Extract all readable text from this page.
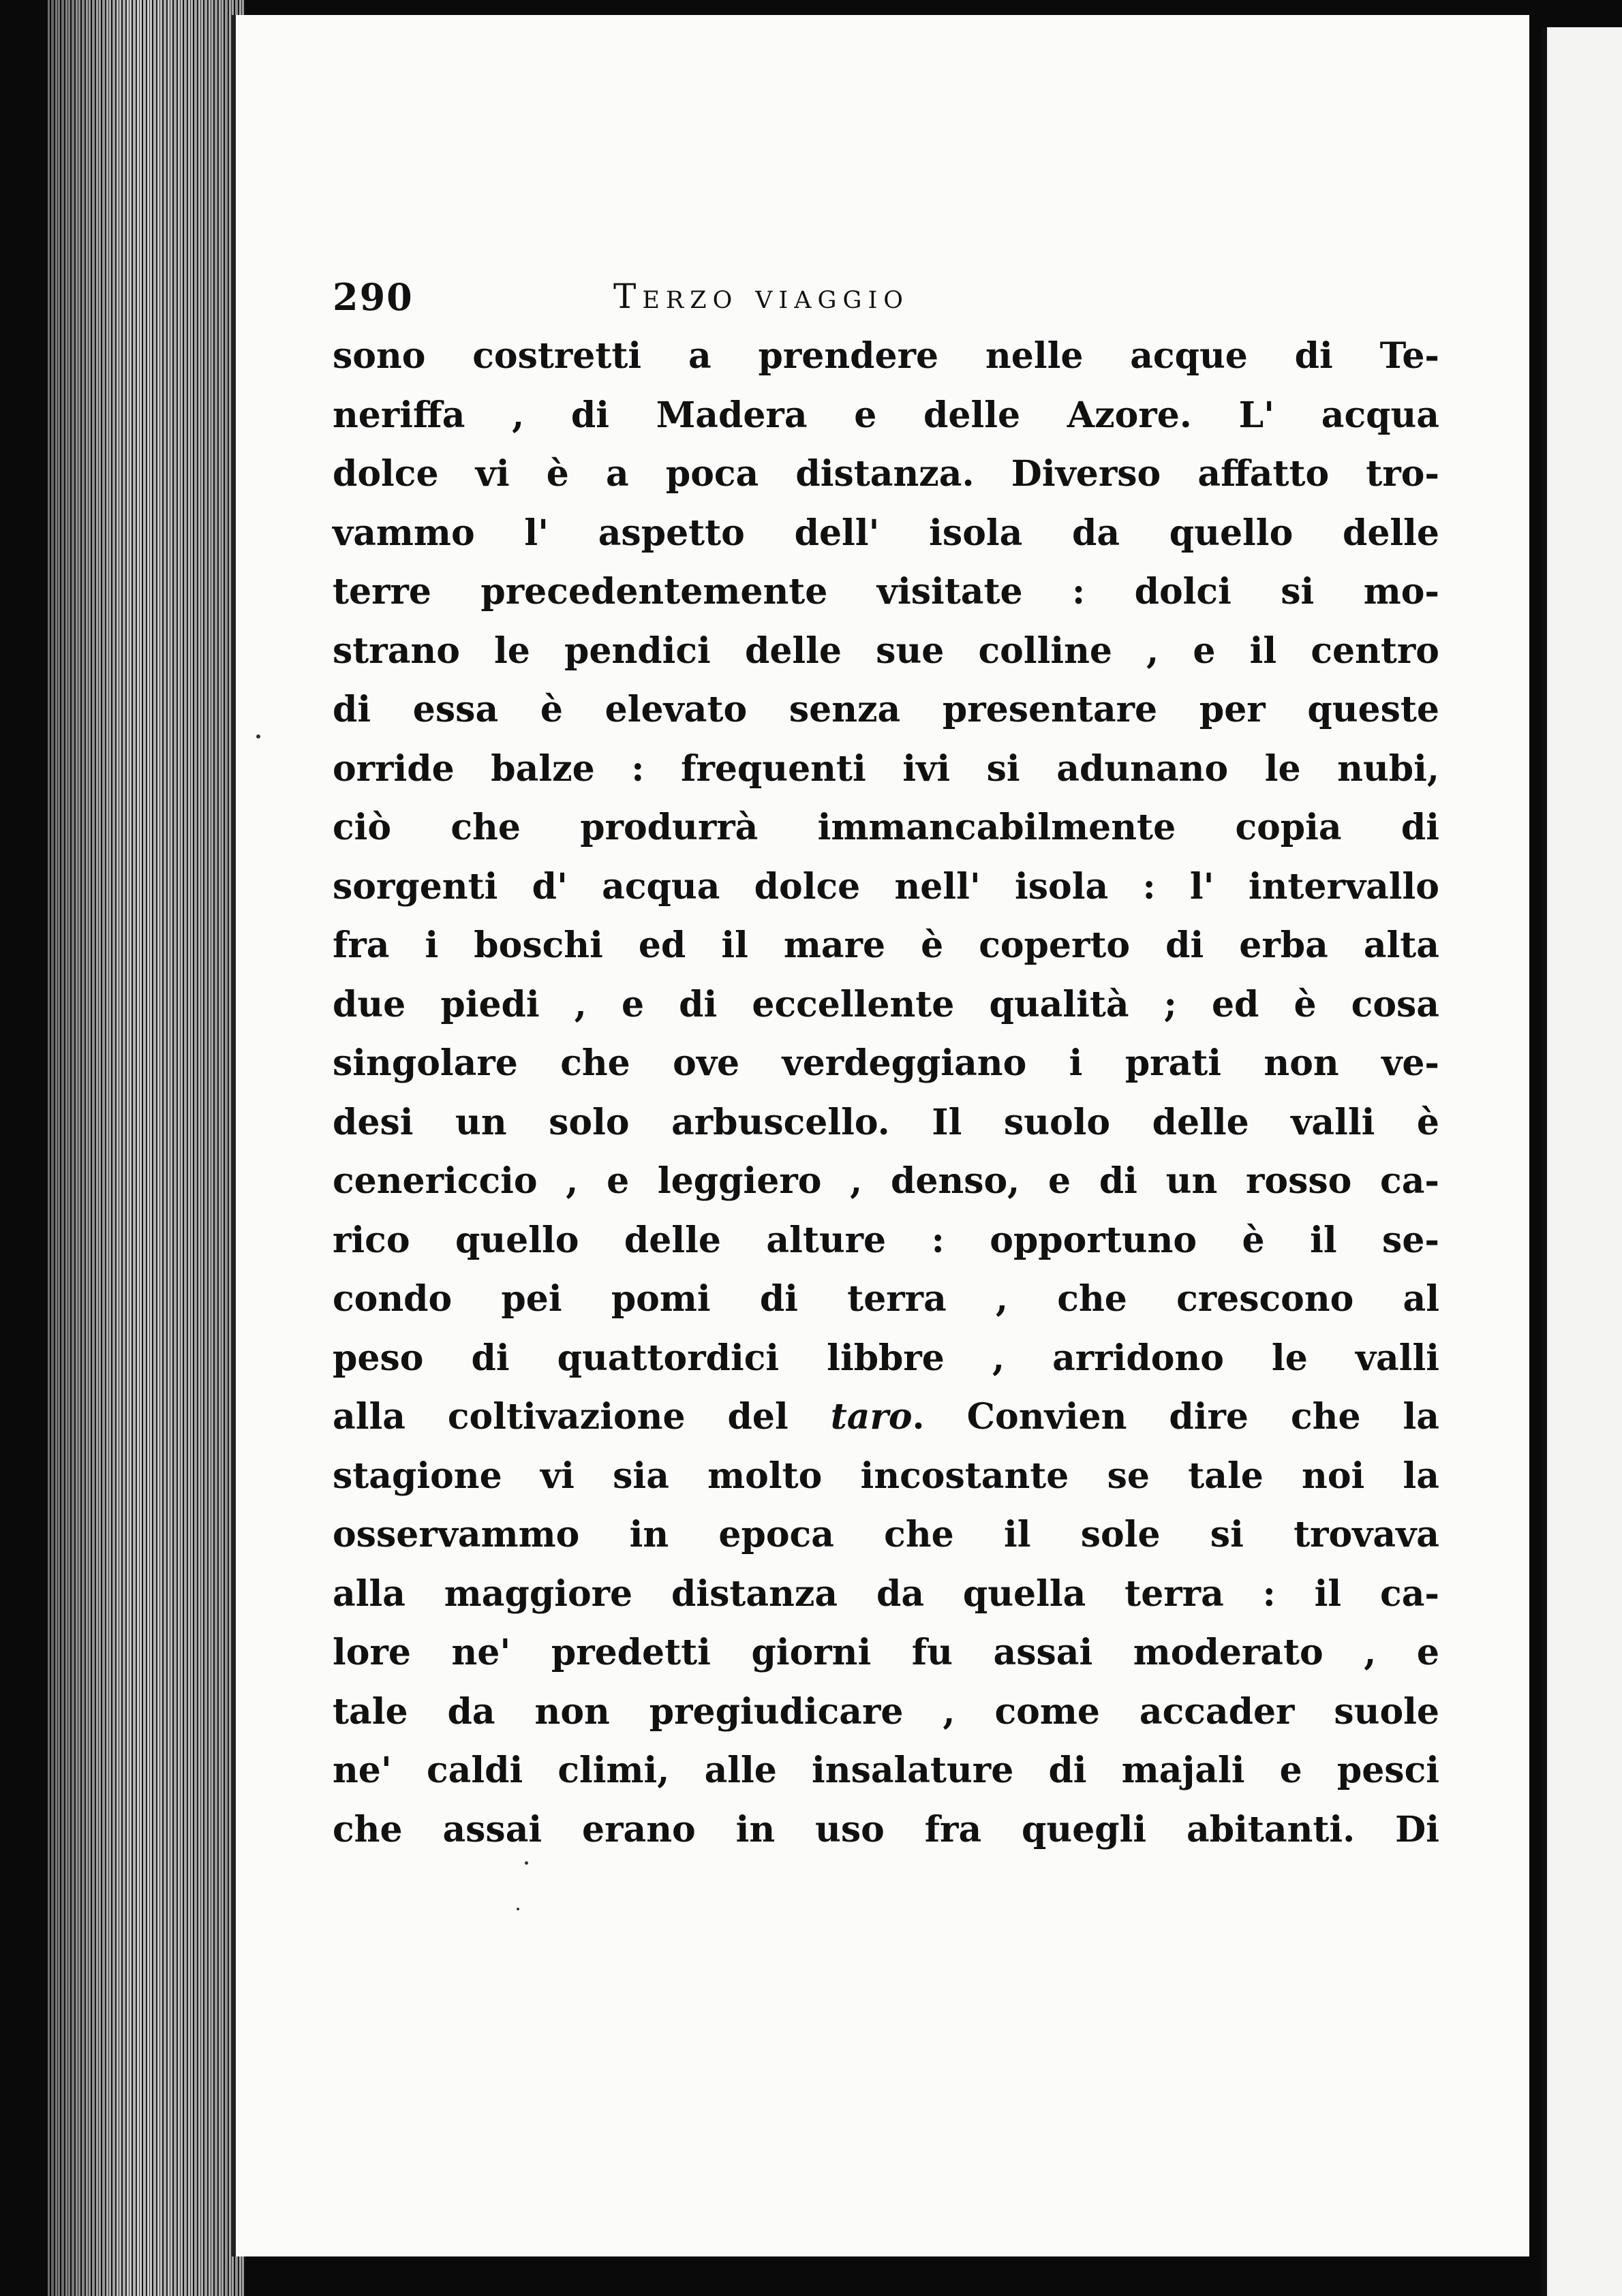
290	Terzo viaggio
sono costretti a prendere nelle acque di Te-
neriffa , di Madera e delle Azore. L' acqua
dolce vi è a poca distanza. Diverso affatto tro-
vammo l' aspetto dell' isola da quello delle
terre precedentemente visitate : dolci si mo-
strano le pendici delle sue colline , e il centro
di essa è elevato senza presentare per queste
orride balze : frequenti ivi si adunano le nubi,
ciò che produrrà immancabilmente copia di
sorgenti d' acqua dolce nell' isola : l' intervallo
fra i boschi ed il mare è coperto di erba alta
due piedi , e di eccellente qualità ; ed è cosa
singolare che ove verdeggiano i prati non ve-
desi un solo arbuscello. Il suolo delle valli è
cenericcio , e leggiero , denso, e di un rosso ca-
rico quello delle alture : opportuno è il se-
condo pei pomi di terra , che crescono al
peso di quattordici libbre , arridono le valli
alla coltivazione del taro. Convien dire che la
stagione vi sia molto incostante se tale noi la
osservammo in epoca che il sole si trovava
alla maggiore distanza da quella terra : il ca-
lore ne' predetti giorni fu assai moderato , e
tale da non pregiudicare , come accader suole
ne' caldi climi, alle insalature di majali e pesci
che assai erano in uso fra quegli abitanti. Di
